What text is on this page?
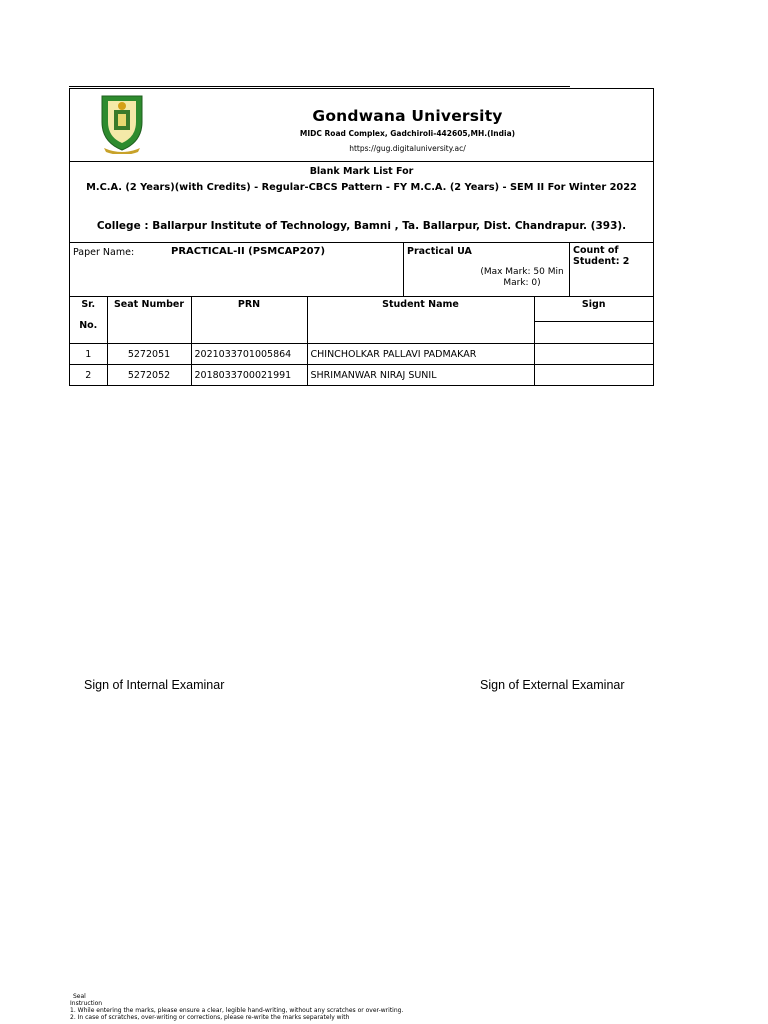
Gondwana University
MIDC Road Complex, Gadchiroli-442605,MH.(India)
https://gug.digitaluniversity.ac/
Blank Mark List For
M.C.A. (2 Years)(with Credits) - Regular-CBCS Pattern - FY M.C.A. (2 Years) - SEM II For Winter 2022
College : Ballarpur Institute of Technology, Bamni , Ta. Ballarpur, Dist. Chandrapur. (393).
Paper Name:	PRACTICAL-II (PSMCAP207)	Practical UA
(Max Mark: 50 Min Mark: 0)
Count of Student: 2
Sr.
No.	Seat Number	PRN	Student Name	Sign

1	5272051	2021033701005864	CHINCHOLKAR PALLAVI PADMAKAR	
2	5272052	2018033700021991	SHRIMANWAR NIRAJ SUNIL	
Sign of Internal Examinar	Sign of External Examinar
Seal
Instruction
1. While entering the marks, please ensure a clear, legible hand-writing, without any scratches or over-writing.
2. In case of scratches, over-writing or corrections, please re-write the marks separately with
